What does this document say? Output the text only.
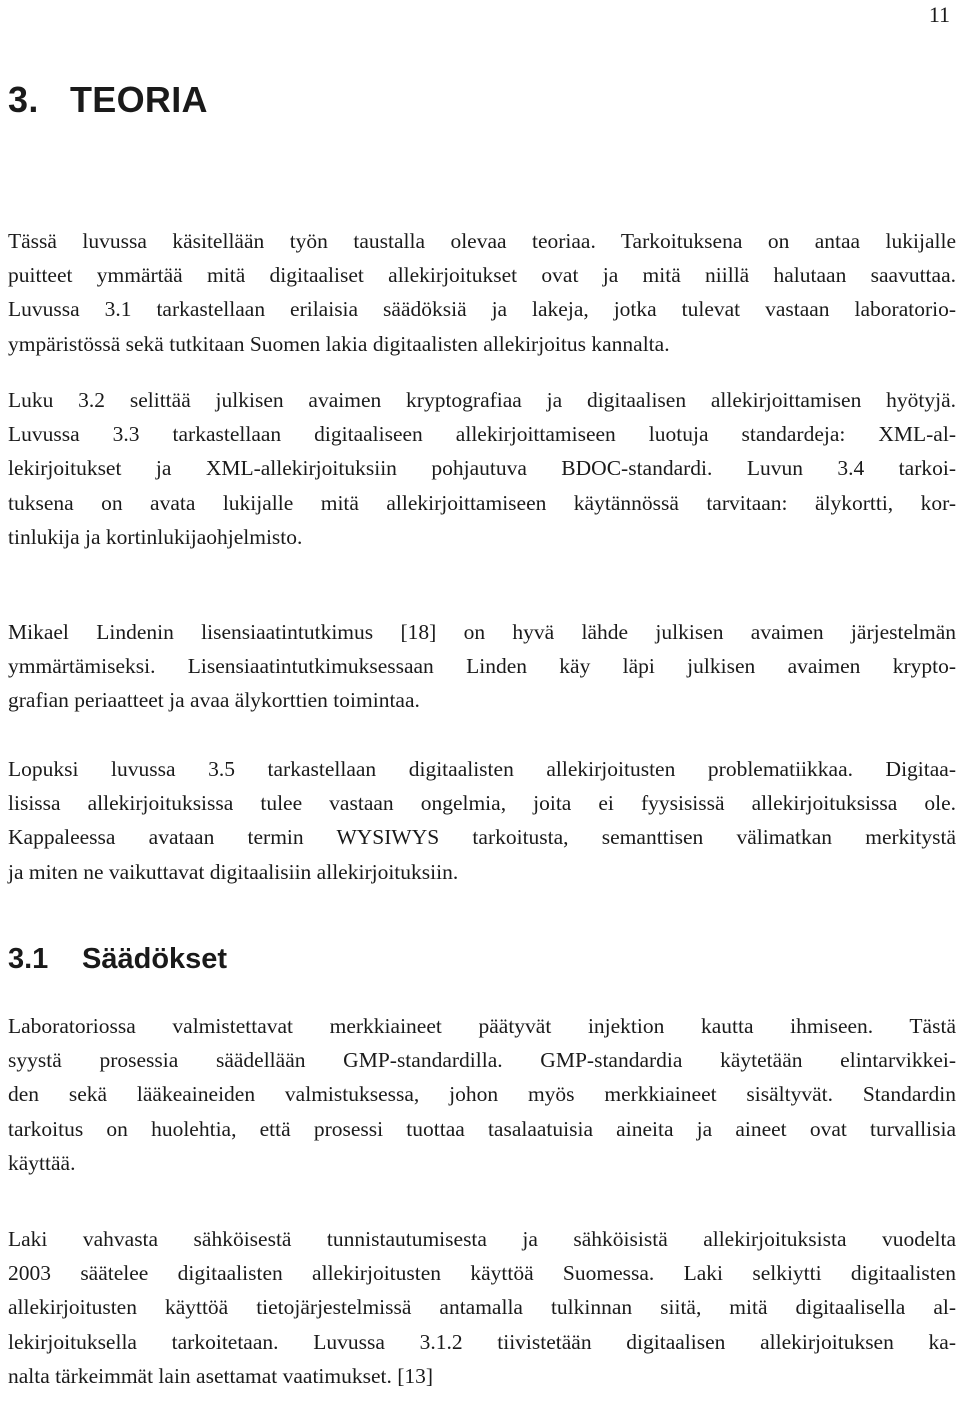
11
3. TEORIA

Tässä luvussa käsitellään työn taustalla olevaa teoriaa. Tarkoituksena on antaa lukijalle
puitteet ymmärtää mitä digitaaliset allekirjoitukset ovat ja mitä niillä halutaan saavuttaa.
Luvussa 3.1 tarkastellaan erilaisia säädöksiä ja lakeja, jotka tulevat vastaan laboratorio-
ympäristössä sekä tutkitaan Suomen lakia digitaalisten allekirjoitus kannalta.

Luku 3.2 selittää julkisen avaimen kryptografiaa ja digitaalisen allekirjoittamisen hyötyjä.
Luvussa 3.3 tarkastellaan digitaaliseen allekirjoittamiseen luotuja standardeja: XML-al-
lekirjoitukset ja XML-allekirjoituksiin pohjautuva BDOC-standardi. Luvun 3.4 tarkoi-
tuksena on avata lukijalle mitä allekirjoittamiseen käytännössä tarvitaan: älykortti, kor-
tinlukija ja kortinlukijaohjelmisto.

Mikael Lindenin lisensiaatintutkimus [18] on hyvä lähde julkisen avaimen järjestelmän
ymmärtämiseksi. Lisensiaatintutkimuksessaan Linden käy läpi julkisen avaimen krypto-
grafian periaatteet ja avaa älykorttien toimintaa.

Lopuksi luvussa 3.5 tarkastellaan digitaalisten allekirjoitusten problematiikkaa. Digitaa-
lisissa allekirjoituksissa tulee vastaan ongelmia, joita ei fyysisissä allekirjoituksissa ole.
Kappaleessa avataan termin WYSIWYS tarkoitusta, semanttisen välimatkan merkitystä
ja miten ne vaikuttavat digitaalisiin allekirjoituksiin.

3.1 Säädökset

Laboratoriossa valmistettavat merkkiaineet päätyvät injektion kautta ihmiseen. Tästä
syystä prosessia säädellään GMP-standardilla. GMP-standardia käytetään elintarvikkei-
den sekä lääkeaineiden valmistuksessa, johon myös merkkiaineet sisältyvät. Standardin
tarkoitus on huolehtia, että prosessi tuottaa tasalaatuisia aineita ja aineet ovat turvallisia
käyttää.

Laki vahvasta sähköisestä tunnistautumisesta ja sähköisistä allekirjoituksista vuodelta
2003 säätelee digitaalisten allekirjoitusten käyttöä Suomessa. Laki selkiytti digitaalisten
allekirjoitusten käyttöä tietojärjestelmissä antamalla tulkinnan siitä, mitä digitaalisella al-
lekirjoituksella tarkoitetaan. Luvussa 3.1.2 tiivistetään digitaalisen allekirjoituksen ka-
nalta tärkeimmät lain asettamat vaatimukset. [13]
